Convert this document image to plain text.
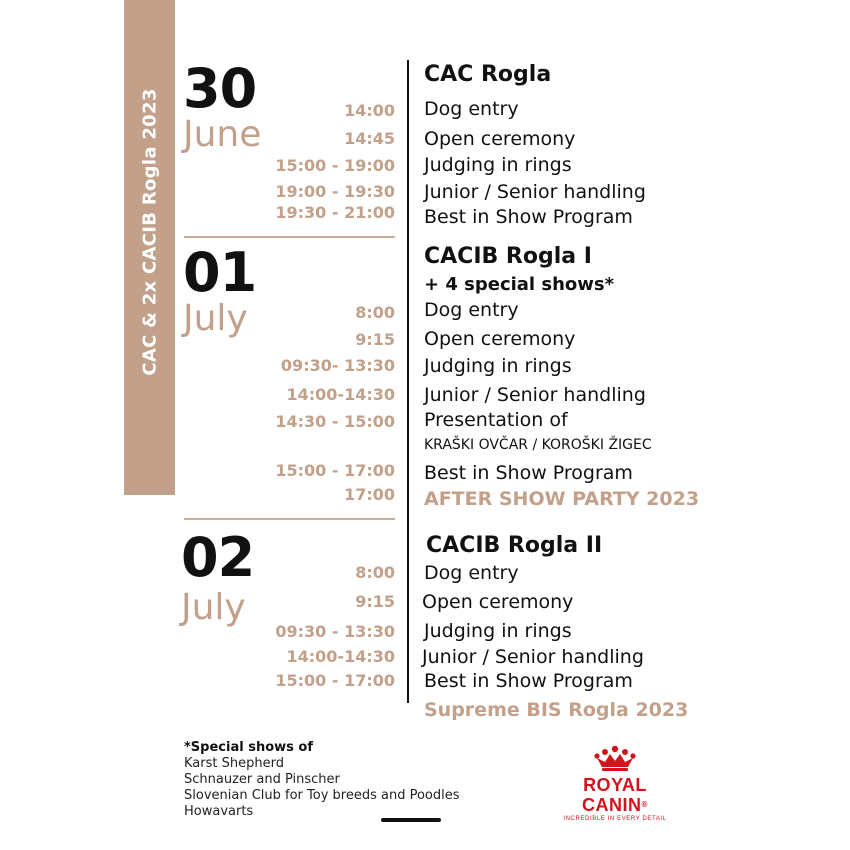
CAC & 2x CACIB Rogla 2023 30
June
CAC Rogla
14:00 Dog entry
14:45 Open ceremony
15:00 - 19:00 Judging in rings
19:00 - 19:30 Junior / Senior handling
19:30 - 21:00 Best in Show Program
01
July
CACIB Rogla I
+ 4 special shows*
8:00 Dog entry
9:15 Open ceremony
09:30- 13:30 Judging in rings
14:00-14:30 Junior / Senior handling
14:30 - 15:00 Presentation of
KRAŠKI OVČAR / KOROŠKI ŽIGEC
15:00 - 17:00 Best in Show Program
17:00 AFTER SHOW PARTY 2023
02
July
CACIB Rogla II
8:00 Dog entry
9:15 Open ceremony
09:30 - 13:30 Judging in rings
14:00-14:30 Junior / Senior handling
15:00 - 17:00 Best in Show Program
Supreme BIS Rogla 2023
*Special shows of
Karst Shepherd
Schnauzer and Pinscher
Slovenian Club for Toy breeds and Poodles
Howavarts
ROYAL CANIN®
INCREDIBLE IN EVERY DETAIL
